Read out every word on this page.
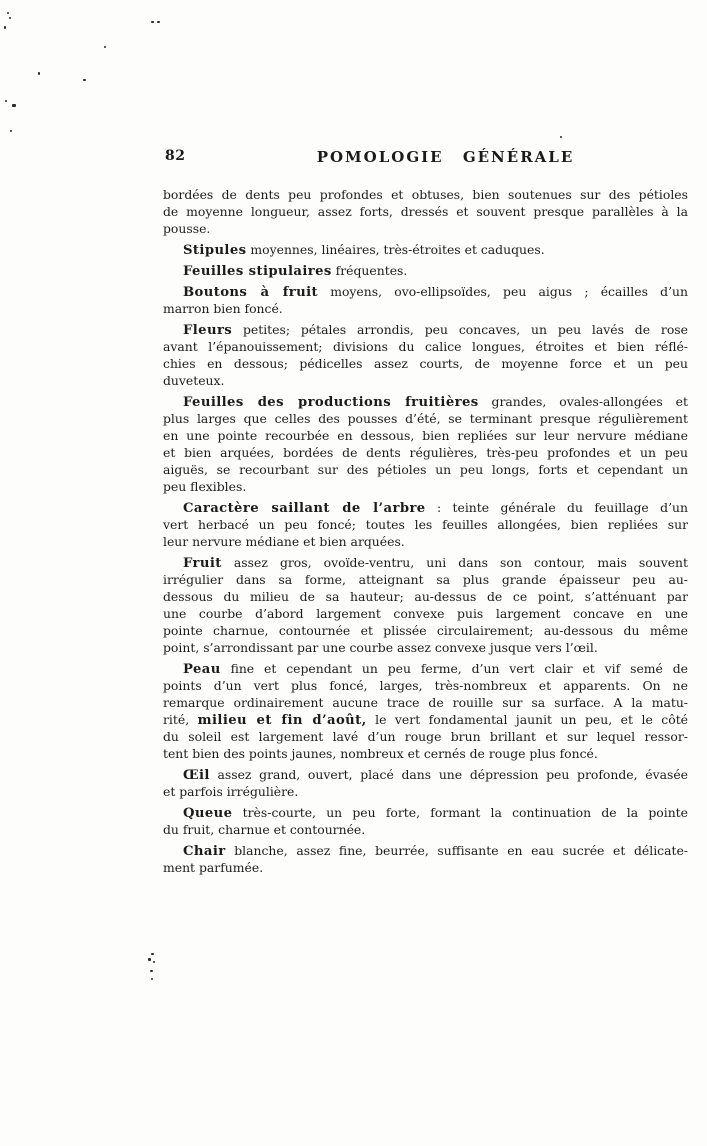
82	POMOLOGIE GÉNÉRALE
bordées de dents peu profondes et obtuses, bien soutenues sur des pétioles
de moyenne longueur, assez forts, dressés et souvent presque parallèles à la
pousse.
Stipules moyennes, linéaires, très-étroites et caduques.
Feuilles stipulaires fréquentes.
Boutons à fruit moyens, ovo-ellipsoïdes, peu aigus ; écailles d’un
marron bien foncé.
Fleurs petites; pétales arrondis, peu concaves, un peu lavés de rose
avant l’épanouissement; divisions du calice longues, étroites et bien réflé-
chies en dessous; pédicelles assez courts, de moyenne force et un peu
duveteux.
Feuilles des productions fruitières grandes, ovales-allongées et
plus larges que celles des pousses d’été, se terminant presque régulièrement
en une pointe recourbée en dessous, bien repliées sur leur nervure médiane
et bien arquées, bordées de dents régulières, très-peu profondes et un peu
aiguës, se recourbant sur des pétioles un peu longs, forts et cependant un
peu flexibles.
Caractère saillant de l’arbre : teinte générale du feuillage d’un
vert herbacé un peu foncé; toutes les feuilles allongées, bien repliées sur
leur nervure médiane et bien arquées.
Fruit assez gros, ovoïde-ventru, uni dans son contour, mais souvent
irrégulier dans sa forme, atteignant sa plus grande épaisseur peu au-
dessous du milieu de sa hauteur; au-dessus de ce point, s’atténuant par
une courbe d’abord largement convexe puis largement concave en une
pointe charnue, contournée et plissée circulairement; au-dessous du même
point, s’arrondissant par une courbe assez convexe jusque vers l’œil.
Peau fine et cependant un peu ferme, d’un vert clair et vif semé de
points d’un vert plus foncé, larges, très-nombreux et apparents. On ne
remarque ordinairement aucune trace de rouille sur sa surface. A la matu-
rité, milieu et fin d’août, le vert fondamental jaunit un peu, et le côté
du soleil est largement lavé d’un rouge brun brillant et sur lequel ressor-
tent bien des points jaunes, nombreux et cernés de rouge plus foncé.
Œil assez grand, ouvert, placé dans une dépression peu profonde, évasée
et parfois irrégulière.
Queue très-courte, un peu forte, formant la continuation de la pointe
du fruit, charnue et contournée.
Chair blanche, assez fine, beurrée, suffisante en eau sucrée et délicate-
ment parfumée.
